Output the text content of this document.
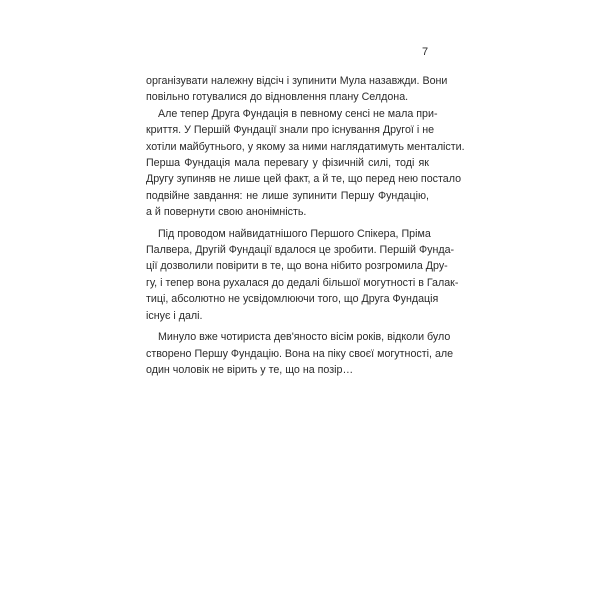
7

організувати належну відсіч і зупинити Мула назавжди. Вони
повільно готувалися до відновлення плану Селдона.

Але тепер Друга Фундація в певному сенсі не мала при-
криття. У Першій Фундації знали про існування Другої і не
хотіли майбутнього, у якому за ними наглядатимуть менталісти.
Перша Фундація мала перевагу у фізичній силі, тоді як
Другу зупиняв не лише цей факт, а й те, що перед нею постало
подвійне завдання: не лише зупинити Першу Фундацію,
а й повернути свою анонімність.

Під проводом найвидатнішого Першого Спікера, Пріма
Палвера, Другій Фундації вдалося це зробити. Першій Фунда-
ції дозволили повірити в те, що вона нібито розгромила Дру-
гу, і тепер вона рухалася до дедалі більшої могутності в Галак-
тиці, абсолютно не усвідомлюючи того, що Друга Фундація
існує і далі.

Минуло вже чотириста дев'яносто вісім років, відколи було
створено Першу Фундацію. Вона на піку своєї могутності, але
один чоловік не вірить у те, що на позір…
